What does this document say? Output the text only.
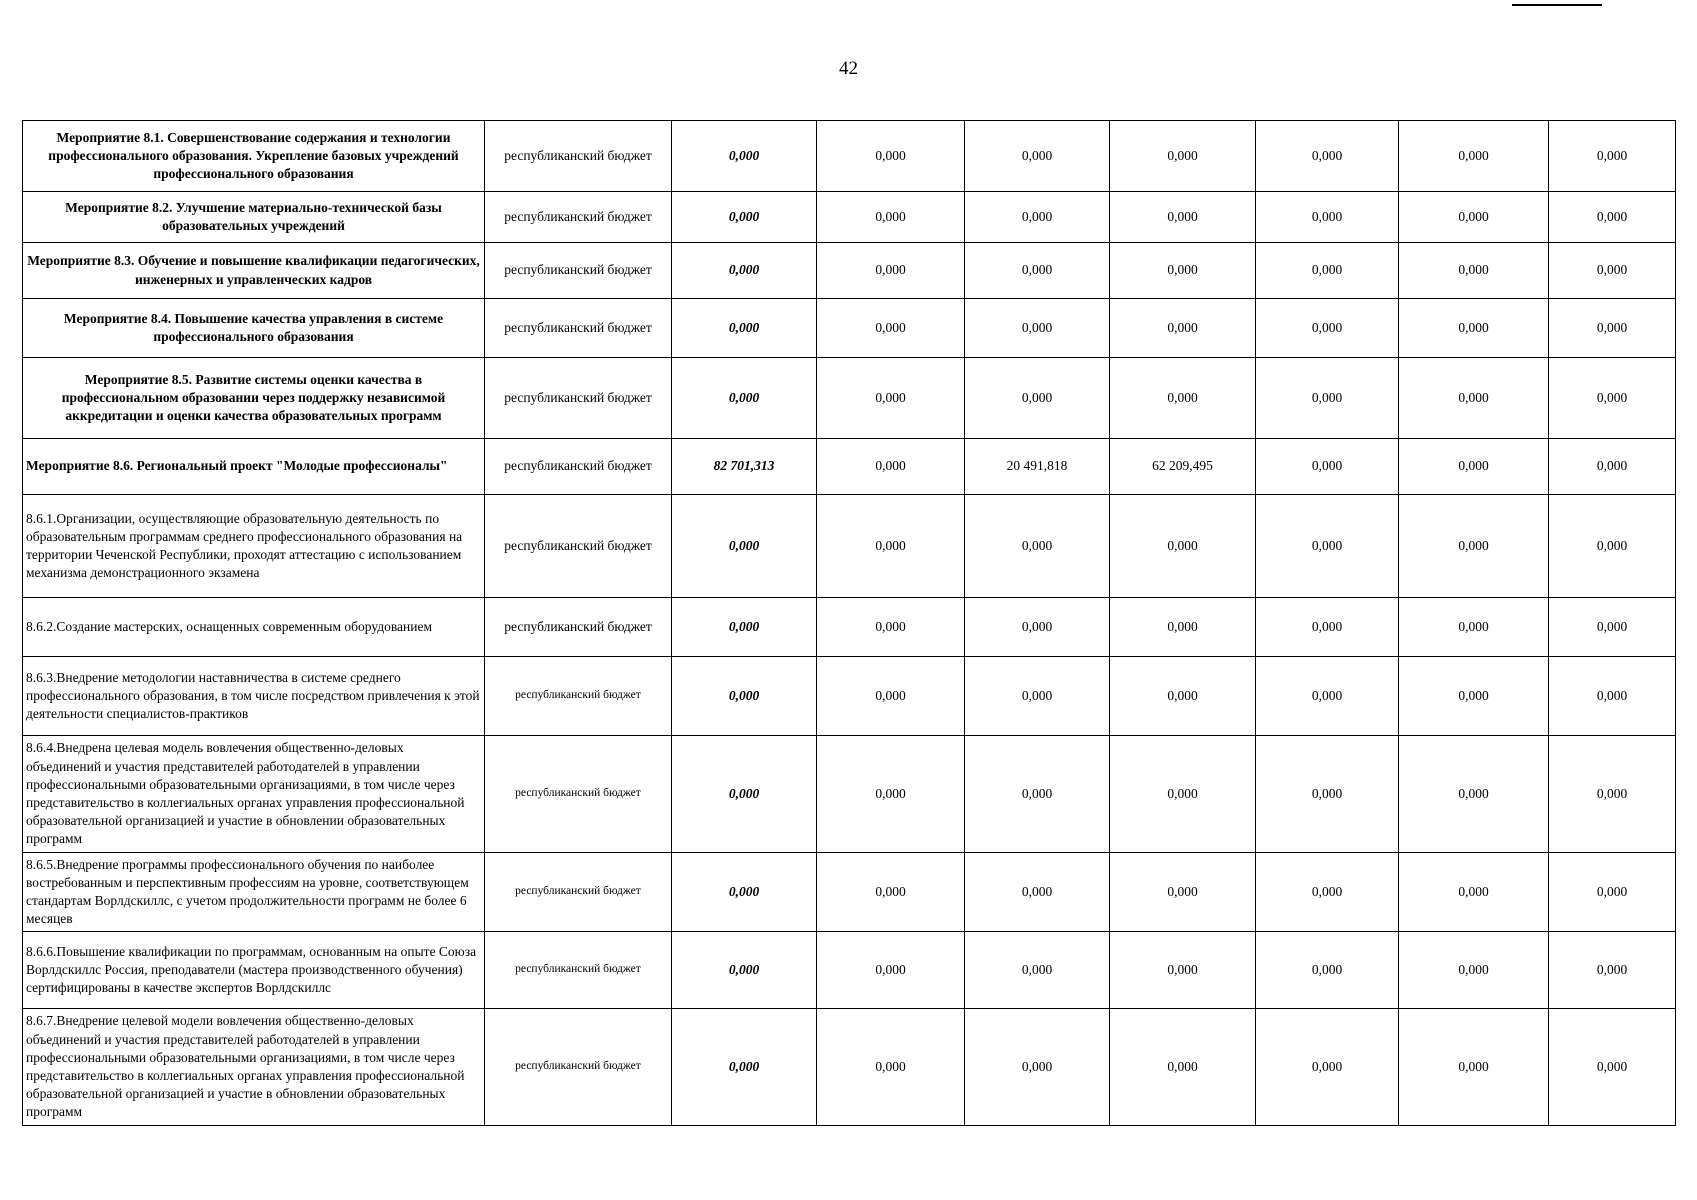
42
Мероприятие 8.1. Совершенствование содержания и технологии профессионального образования. Укрепление базовых учреждений профессионального образования	республиканский бюджет	0,000	0,000	0,000	0,000	0,000	0,000	0,000
Мероприятие 8.2. Улучшение материально-технической базы образовательных учреждений	республиканский бюджет	0,000	0,000	0,000	0,000	0,000	0,000	0,000
Мероприятие 8.3. Обучение и повышение квалификации педагогических, инженерных и управленческих кадров	республиканский бюджет	0,000	0,000	0,000	0,000	0,000	0,000	0,000
Мероприятие 8.4. Повышение качества управления в системе профессионального образования	республиканский бюджет	0,000	0,000	0,000	0,000	0,000	0,000	0,000
Мероприятие 8.5. Развитие системы оценки качества в профессиональном образовании через поддержку независимой аккредитации и оценки качества образовательных программ	республиканский бюджет	0,000	0,000	0,000	0,000	0,000	0,000	0,000
Мероприятие 8.6. Региональный проект "Молодые профессионалы"	республиканский бюджет	82 701,313	0,000	20 491,818	62 209,495	0,000	0,000	0,000
8.6.1.Организации, осуществляющие образовательную деятельность по образовательным программам среднего профессионального образования на территории Чеченской Республики, проходят аттестацию с использованием механизма демонстрационного экзамена	республиканский бюджет	0,000	0,000	0,000	0,000	0,000	0,000	0,000
8.6.2.Создание мастерских, оснащенных современным оборудованием	республиканский бюджет	0,000	0,000	0,000	0,000	0,000	0,000	0,000
8.6.3.Внедрение методологии наставничества в системе среднего профессионального образования, в том числе посредством привлечения к этой деятельности специалистов-практиков	республиканский бюджет	0,000	0,000	0,000	0,000	0,000	0,000	0,000
8.6.4.Внедрена целевая модель вовлечения общественно-деловых объединений и участия представителей работодателей в управлении профессиональными образовательными организациями, в том числе через представительство в коллегиальных органах управления профессиональной образовательной организацией и участие в обновлении образовательных программ	республиканский бюджет	0,000	0,000	0,000	0,000	0,000	0,000	0,000
8.6.5.Внедрение программы профессионального обучения по наиболее востребованным и перспективным профессиям на уровне, соответствующем стандартам Ворлдскиллс, с учетом продолжительности программ не более 6 месяцев	республиканский бюджет	0,000	0,000	0,000	0,000	0,000	0,000	0,000
8.6.6.Повышение квалификации по программам, основанным на опыте Союза Ворлдскиллс Россия, преподаватели (мастера производственного обучения) сертифицированы в качестве экспертов Ворлдскиллс	республиканский бюджет	0,000	0,000	0,000	0,000	0,000	0,000	0,000
8.6.7.Внедрение целевой модели вовлечения общественно-деловых объединений и участия представителей работодателей в управлении профессиональными образовательными организациями, в том числе через представительство в коллегиальных органах управления профессиональной образовательной организацией и участие в обновлении образовательных программ	республиканский бюджет	0,000	0,000	0,000	0,000	0,000	0,000	0,000
